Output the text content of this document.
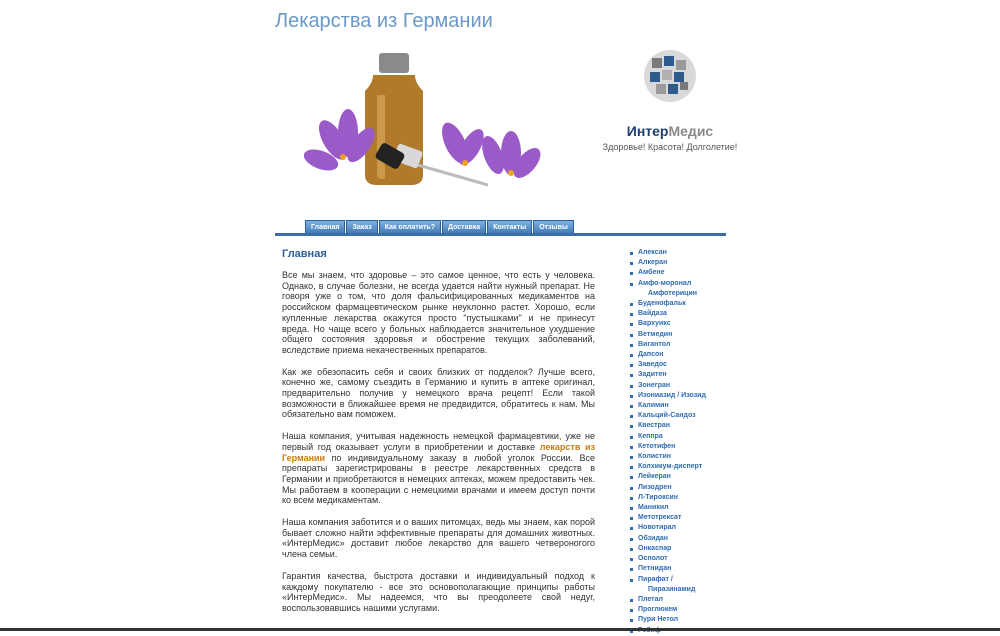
Лекарства из Германии
ИнтерМедис
Здоровье! Красота! Долголетие!
Главная	Заказ	Как оплатить?	Доставка	Контакты	Отзывы
Главная

Все мы знаем, что здоровье – это самое ценное, что есть у человека. Однако, в случае болезни, не всегда удается найти нужный препарат. Не говоря уже о том, что доля фальсифицированных медикаментов на российском фармацевтическом рынке неуклонно растет. Хорошо, если купленные лекарства окажутся просто "пустышками" и не принесут вреда. Но чаще всего у больных наблюдается значительное ухудшение общего состояния здоровья и обострение текущих заболеваний, вследствие приема некачественных препаратов.

Как же обезопасить себя и своих близких от подделок? Лучше всего, конечно же, самому съездить в Германию и купить в аптеке оригинал, предварительно получив у немецкого врача рецепт! Если такой возможности в ближайшее время не предвидится, обратитесь к нам. Мы обязательно вам поможем.

Наша компания, учитывая надежность немецкой фармацевтики, уже не первый год оказывает услуги в приобретении и доставке лекарств из Германии по индивидуальному заказу в любой уголок России. Все препараты зарегистрированы в реестре лекарственных средств в Германии и приобретаются в немецких аптеках, можем предоставить чек. Мы работаем в кооперации с немецкими врачами и имеем доступ почти ко всем медикаментам.

Наша компания заботится и о ваших питомцах, ведь мы знаем, как порой бывает сложно найти эффективные препараты для домашних животных. «ИнтерМедис» доставит любое лекарство для вашего четвероногого члена семьи.

Гарантия качества, быстрота доставки и индивидуальный подход к каждому покупателю - все это основополагающие принципы работы «ИнтерМедис». Мы надеемся, что вы преодолеете свой недуг, воспользовавшись нашими услугами.

Алексан
Алкеран
Амбене
Амфо-моронал
Амфотерицин
Буденофальк
Вайдаза
Вархуикс
Ветмедин
Вигантол
Дапсон
Заведос
Задитен
Зонегран
Изониазид / Изозид
Калимин
Кальций-Сандоз
Квестран
Кеппра
Кетотифен
Колистин
Колхикум-дисперт
Лейкеран
Лизодрен
Л-Тироксин
Маникил
Метотрексат
Новотирал
Обзидан
Онкаспар
Осполот
Петнидан
Пирафат /
Пиразинамид
Плетал
Проглюкем
Пури Нетол
